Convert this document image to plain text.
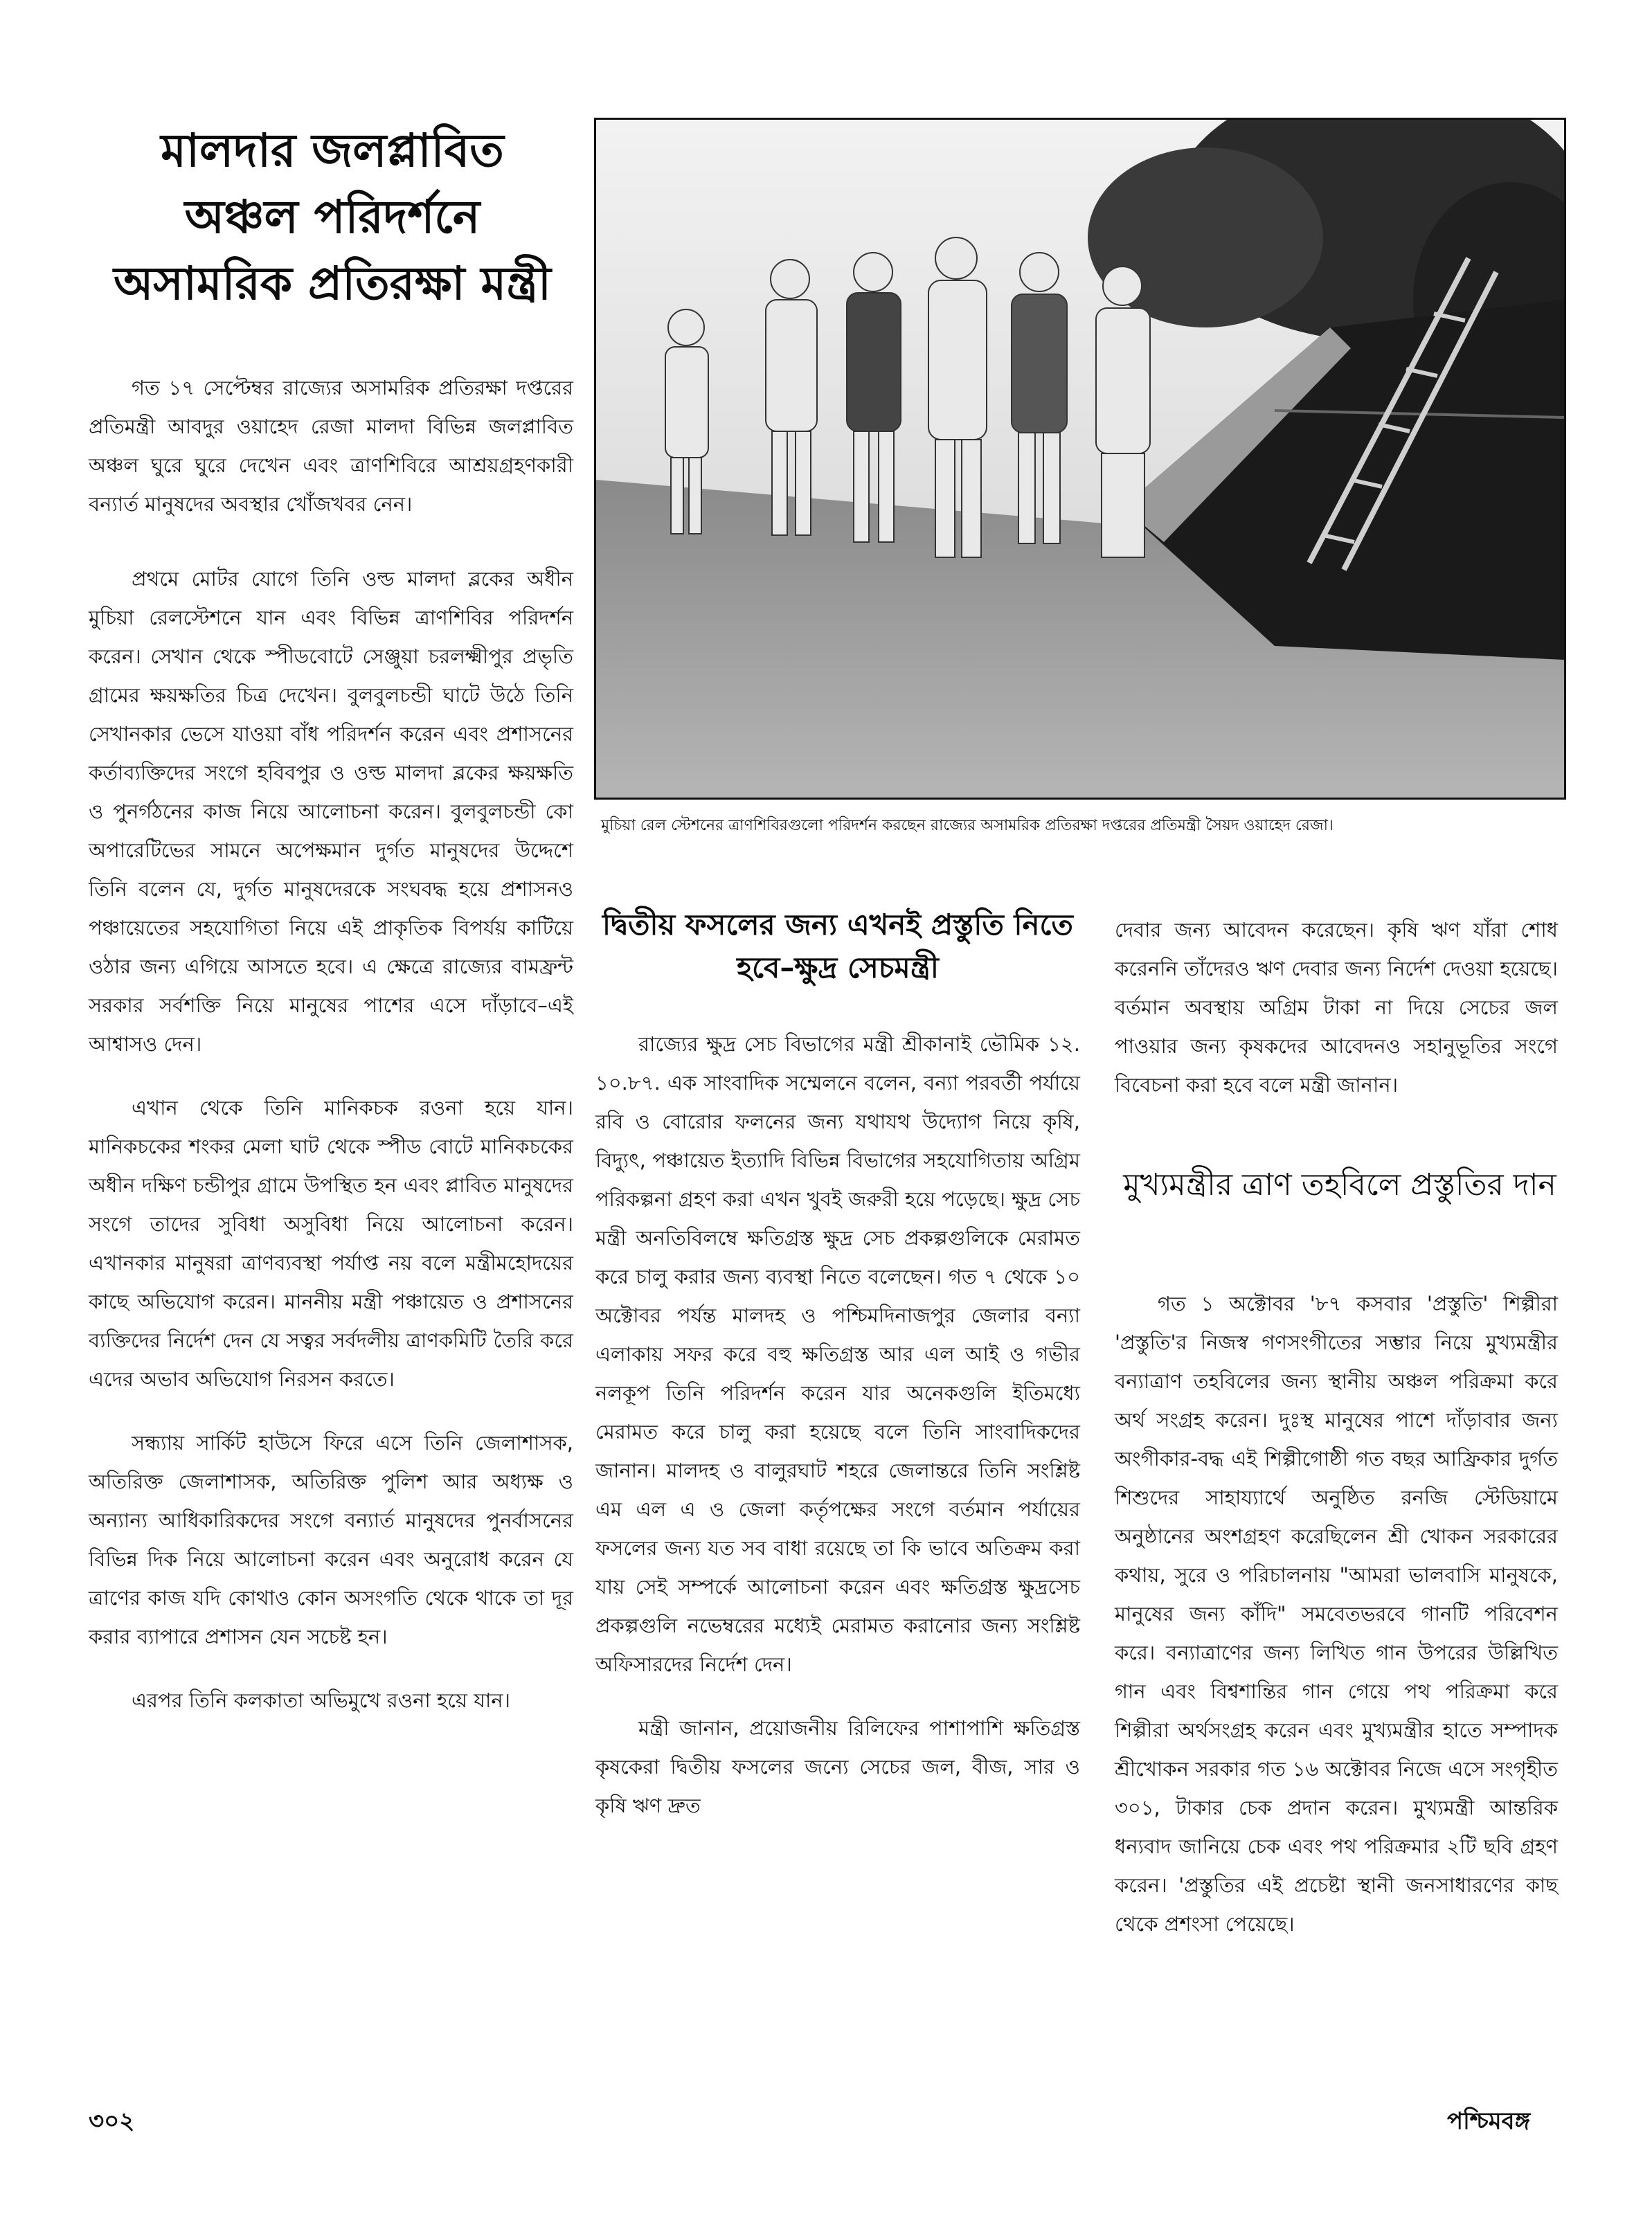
মালদার জলপ্লাবিত অঞ্চল পরিদর্শনে অসামরিক প্রতিরক্ষা মন্ত্রী

গত ১৭ সেপ্টেম্বর রাজ্যের অসামরিক প্রতিরক্ষা দপ্তরের প্রতিমন্ত্রী আবদুর ওয়াহেদ রেজা মালদা বিভিন্ন জলপ্লাবিত অঞ্চল ঘুরে ঘুরে দেখেন এবং ত্রাণশিবিরে আশ্রয়গ্রহণকারী বন্যার্ত মানুষদের অবস্থার খোঁজখবর নেন।

প্রথমে মোটর যোগে তিনি ওল্ড মালদা ব্লকের অধীন মুচিয়া রেলস্টেশনে যান এবং বিভিন্ন ত্রাণশিবির পরিদর্শন করেন। সেখান থেকে স্পীডবোটে সেঞ্জুয়া চরলক্ষ্মীপুর প্রভৃতি গ্রামের ক্ষয়ক্ষতির চিত্র দেখেন। বুলবুলচন্ডী ঘাটে উঠে তিনি সেখানকার ভেসে যাওয়া বাঁধ পরিদর্শন করেন এবং প্রশাসনের কর্তাব্যক্তিদের সংগে হবিবপুর ও ওল্ড মালদা ব্লকের ক্ষয়ক্ষতি ও পুনর্গঠনের কাজ নিয়ে আলোচনা করেন। বুলবুলচন্ডী কো অপারেটিভের সামনে অপেক্ষমান দুর্গত মানুষদের উদ্দেশে তিনি বলেন যে, দুর্গত মানুষদেরকে সংঘবদ্ধ হয়ে প্রশাসনও পঞ্চায়েতের সহযোগিতা নিয়ে এই প্রাকৃতিক বিপর্যয় কাটিয়ে ওঠার জন্য এগিয়ে আসতে হবে। এ ক্ষেত্রে রাজ্যের বামফ্রন্ট সরকার সর্বশক্তি নিয়ে মানুষের পাশের এসে দাঁড়াবে–এই আশ্বাসও দেন।

এখান থেকে তিনি মানিকচক রওনা হয়ে যান। মানিকচকের শংকর মেলা ঘাট থেকে স্পীড বোটে মানিকচকের অধীন দক্ষিণ চন্ডীপুর গ্রামে উপস্থিত হন এবং প্লাবিত মানুষদের সংগে তাদের সুবিধা অসুবিধা নিয়ে আলোচনা করেন। এখানকার মানুষরা ত্রাণব্যবস্থা পর্যাপ্ত নয় বলে মন্ত্রীমহোদয়ের কাছে অভিযোগ করেন। মাননীয় মন্ত্রী পঞ্চায়েত ও প্রশাসনের ব্যক্তিদের নির্দেশ দেন যে সত্বর সর্বদলীয় ত্রাণকমিটি তৈরি করে এদের অভাব অভিযোগ নিরসন করতে।

সন্ধ্যায় সার্কিট হাউসে ফিরে এসে তিনি জেলাশাসক, অতিরিক্ত জেলাশাসক, অতিরিক্ত পুলিশ আর অধ্যক্ষ ও অন্যান্য আধিকারিকদের সংগে বন্যার্ত মানুষদের পুনর্বাসনের বিভিন্ন দিক নিয়ে আলোচনা করেন এবং অনুরোধ করেন যে ত্রাণের কাজ যদি কোথাও কোন অসংগতি থেকে থাকে তা দূর করার ব্যাপারে প্রশাসন যেন সচেষ্ট হন।

এরপর তিনি কলকাতা অভিমুখে রওনা হয়ে যান।

মুচিয়া রেল স্টেশনের ত্রাণশিবিরগুলো পরিদর্শন করছেন রাজ্যের অসামরিক প্রতিরক্ষা দপ্তরের প্রতিমন্ত্রী সৈয়দ ওয়াহেদ রেজা।
দ্বিতীয় ফসলের জন্য এখনই প্রস্তুতি নিতে হবে–ক্ষুদ্র সেচমন্ত্রী

রাজ্যের ক্ষুদ্র সেচ বিভাগের মন্ত্রী শ্রীকানাই ভৌমিক ১২. ১০.৮৭. এক সাংবাদিক সম্মেলনে বলেন, বন্যা পরবর্তী পর্যায়ে রবি ও বোরোর ফলনের জন্য যথাযথ উদ্যোগ নিয়ে কৃষি, বিদ্যুৎ, পঞ্চায়েত ইত্যাদি বিভিন্ন বিভাগের সহযোগিতায় অগ্রিম পরিকল্পনা গ্রহণ করা এখন খুবই জরুরী হয়ে পড়েছে। ক্ষুদ্র সেচ মন্ত্রী অনতিবিলম্বে ক্ষতিগ্রস্ত ক্ষুদ্র সেচ প্রকল্পগুলিকে মেরামত করে চালু করার জন্য ব্যবস্থা নিতে বলেছেন। গত ৭ থেকে ১০ অক্টোবর পর্যন্ত মালদহ ও পশ্চিমদিনাজপুর জেলার বন্যা এলাকায় সফর করে বহু ক্ষতিগ্রস্ত আর এল আই ও গভীর নলকূপ তিনি পরিদর্শন করেন যার অনেকগুলি ইতিমধ্যে মেরামত করে চালু করা হয়েছে বলে তিনি সাংবাদিকদের জানান। মালদহ ও বালুরঘাট শহরে জেলান্তরে তিনি সংশ্লিষ্ট এম এল এ ও জেলা কর্তৃপক্ষের সংগে বর্তমান পর্যায়ের ফসলের জন্য যত সব বাধা রয়েছে তা কি ভাবে অতিক্রম করা যায় সেই সম্পর্কে আলোচনা করেন এবং ক্ষতিগ্রস্ত ক্ষুদ্রসেচ প্রকল্পগুলি নভেম্বরের মধ্যেই মেরামত করানোর জন্য সংশ্লিষ্ট অফিসারদের নির্দেশ দেন।

মন্ত্রী জানান, প্রয়োজনীয় রিলিফের পাশাপাশি ক্ষতিগ্রস্ত কৃষকেরা দ্বিতীয় ফসলের জন্যে সেচের জল, বীজ, সার ও কৃষি ঋণ দ্রুত

দেবার জন্য আবেদন করেছেন। কৃষি ঋণ যাঁরা শোধ করেননি তাঁদেরও ঋণ দেবার জন্য নির্দেশ দেওয়া হয়েছে। বর্তমান অবস্থায় অগ্রিম টাকা না দিয়ে সেচের জল পাওয়ার জন্য কৃষকদের আবেদনও সহানুভূতির সংগে বিবেচনা করা হবে বলে মন্ত্রী জানান।

মুখ্যমন্ত্রীর ত্রাণ তহবিলে প্রস্তুতির দান

গত ১ অক্টোবর '৮৭ কসবার 'প্রস্তুতি' শিল্পীরা 'প্রস্তুতি'র নিজস্ব গণসংগীতের সম্ভার নিয়ে মুখ্যমন্ত্রীর বন্যাত্রাণ তহবিলের জন্য স্থানীয় অঞ্চল পরিক্রমা করে অর্থ সংগ্রহ করেন। দুঃস্থ মানুষের পাশে দাঁড়াবার জন্য অংগীকার-বদ্ধ এই শিল্পীগোষ্ঠী গত বছর আফ্রিকার দুর্গত শিশুদের সাহায্যার্থে অনুষ্ঠিত রনজি স্টেডিয়ামে অনুষ্ঠানের অংশগ্রহণ করেছিলেন শ্রী খোকন সরকারের কথায়, সুরে ও পরিচালনায় "আমরা ভালবাসি মানুষকে, মানুষের জন্য কাঁদি" সমবেতভরবে গানটি পরিবেশন করে। বন্যাত্রাণের জন্য লিখিত গান উপরের উল্লিখিত গান এবং বিশ্বশান্তির গান গেয়ে পথ পরিক্রমা করে শিল্পীরা অর্থসংগ্রহ করেন এবং মুখ্যমন্ত্রীর হাতে সম্পাদক শ্রীখোকন সরকার গত ১৬ অক্টোবর নিজে এসে সংগৃহীত ৩০১, টাকার চেক প্রদান করেন। মুখ্যমন্ত্রী আন্তরিক ধন্যবাদ জানিয়ে চেক এবং পথ পরিক্রমার ২টি ছবি গ্রহণ করেন। 'প্রস্তুতির এই প্রচেষ্টা স্থানী জনসাধারণের কাছ থেকে প্রশংসা পেয়েছে।

৩০২	পশ্চিমবঙ্গ
